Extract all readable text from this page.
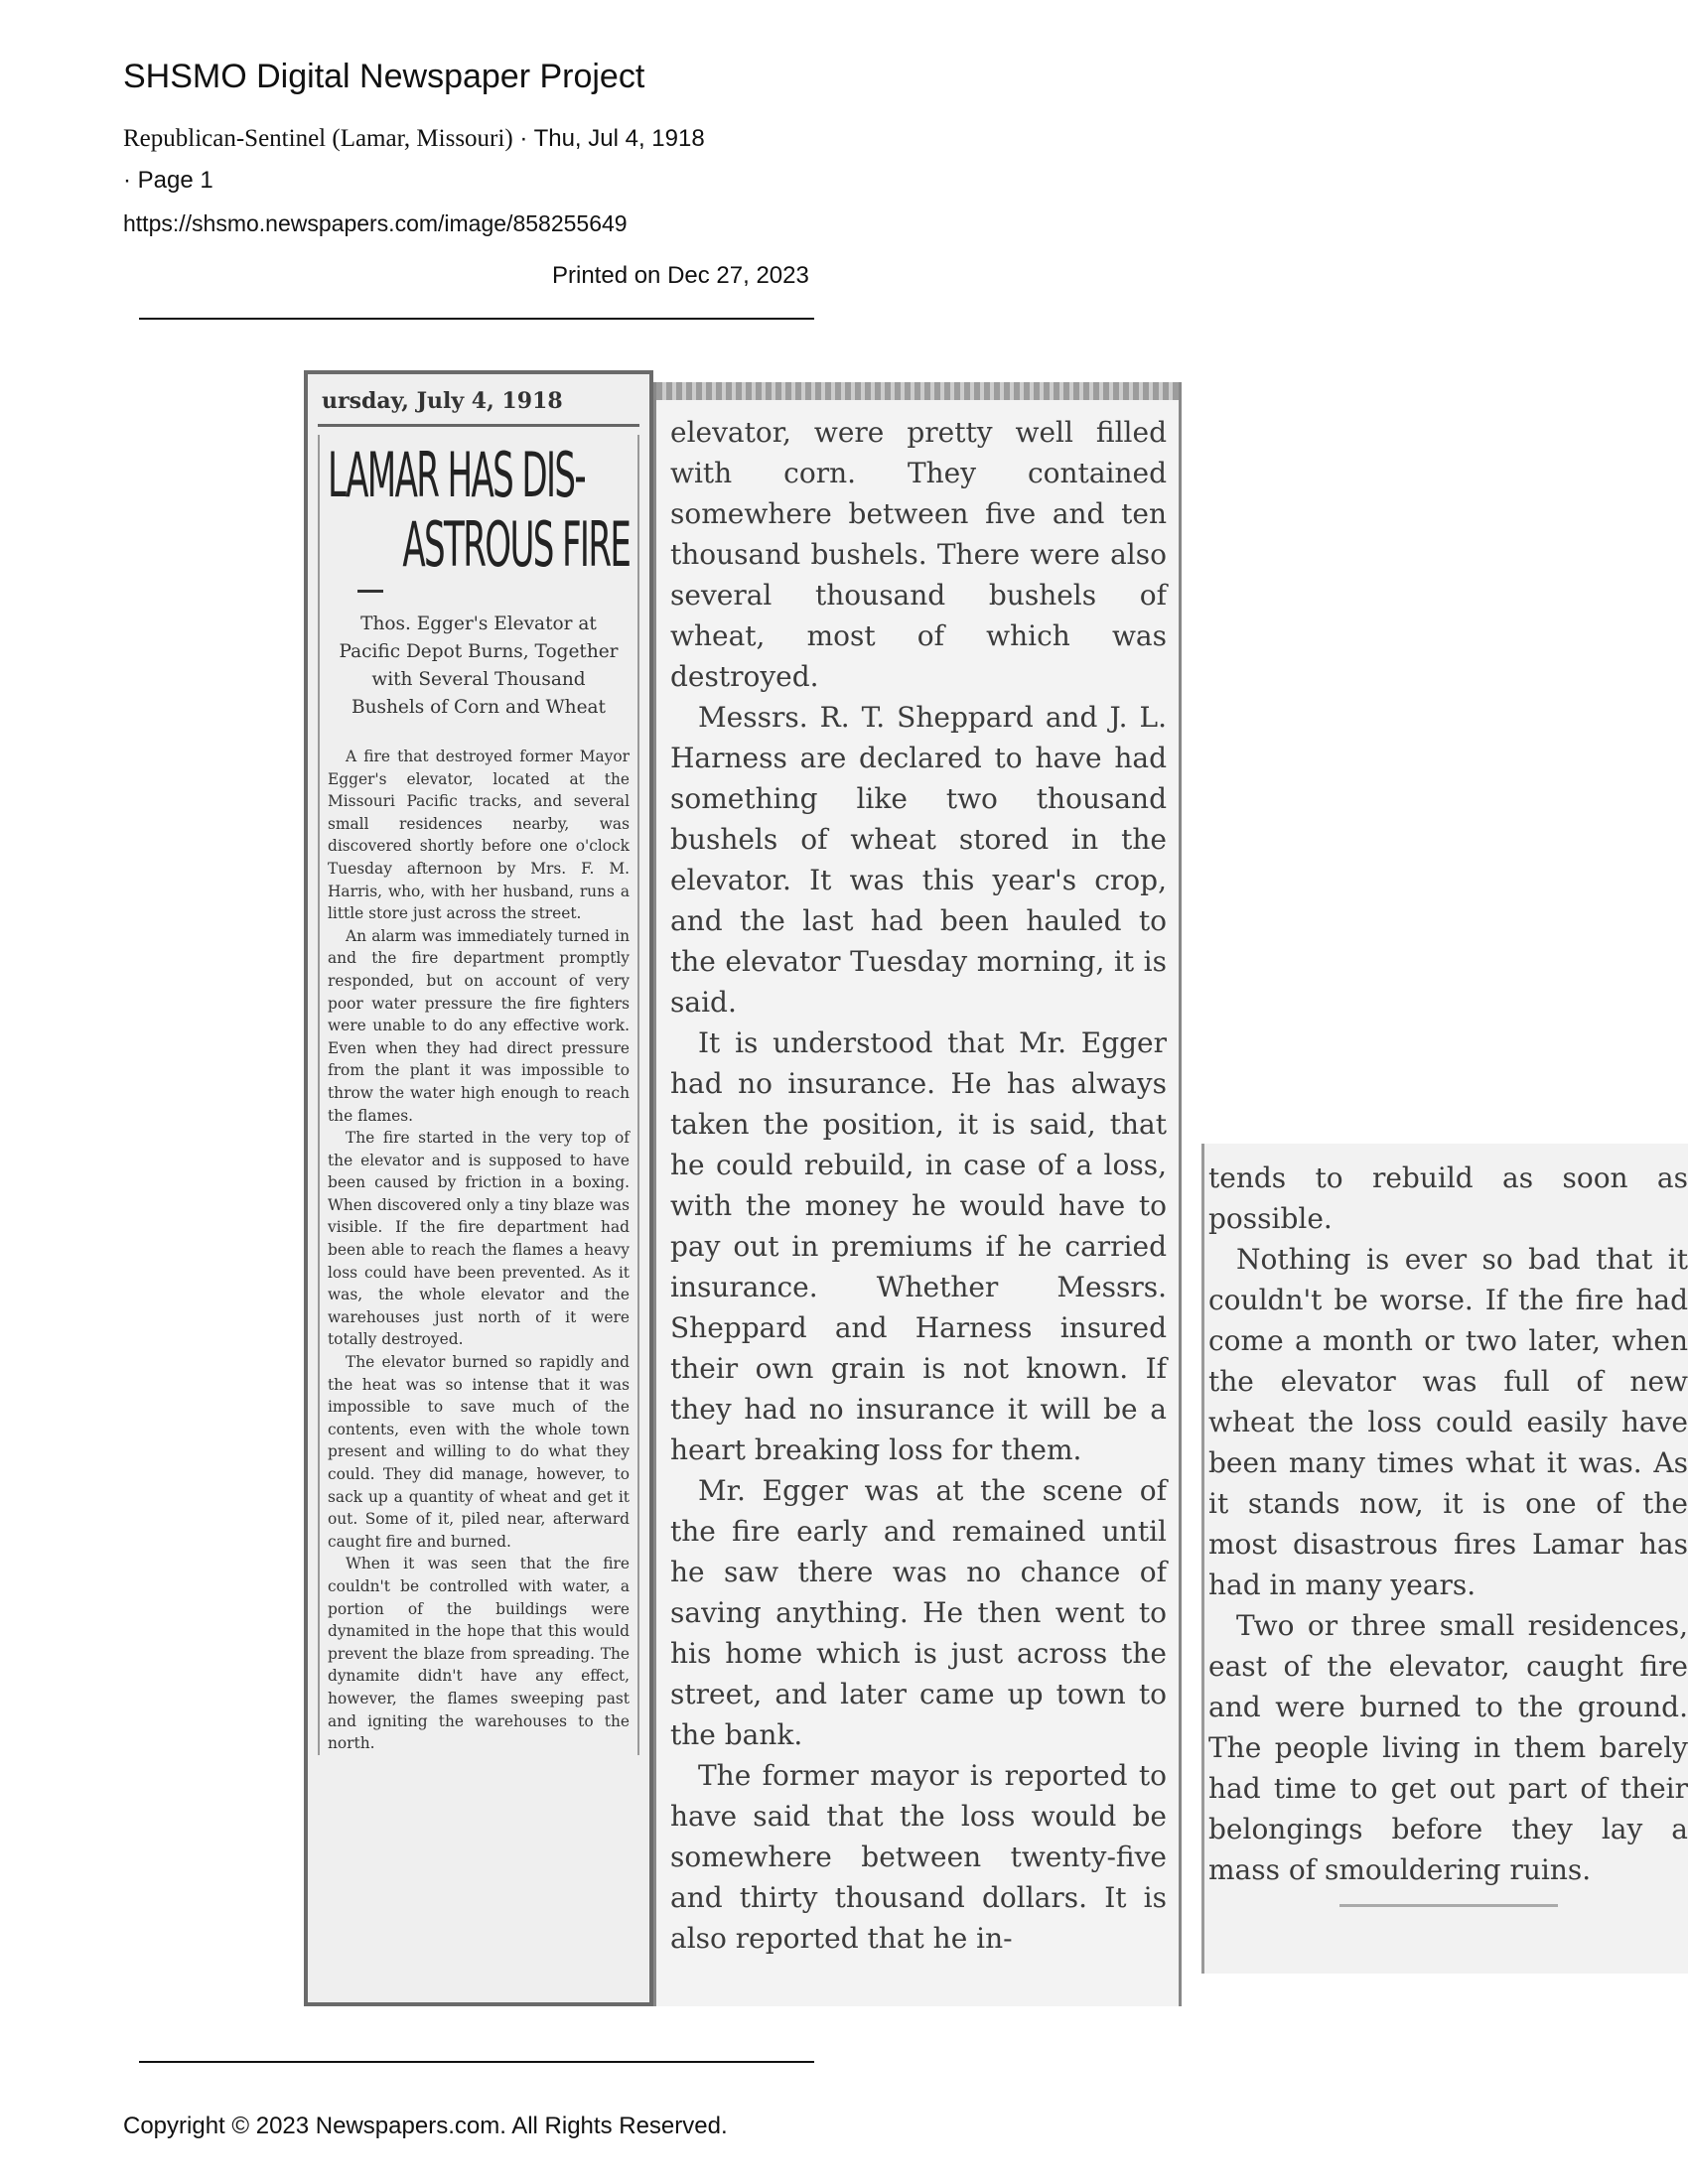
SHSMO Digital Newspaper Project
Republican-Sentinel (Lamar, Missouri) · Thu, Jul 4, 1918
· Page 1
https://shsmo.newspapers.com/image/858255649
Printed on Dec 27, 2023
ursday, July 4, 1918
LAMAR HAS DIS-
ASTROUS FIRE
Thos. Egger's Elevator at Pacific Depot Burns, Together with Several Thousand Bushels of Corn and Wheat

A fire that destroyed former Mayor Egger's elevator, located at the Missouri Pacific tracks, and several small residences nearby, was discovered shortly before one o'clock Tuesday afternoon by Mrs. F. M. Harris, who, with her husband, runs a little store just across the street.

An alarm was immediately turned in and the fire department promptly responded, but on account of very poor water pressure the fire fighters were unable to do any effective work. Even when they had direct pressure from the plant it was impossible to throw the water high enough to reach the flames.

The fire started in the very top of the elevator and is supposed to have been caused by friction in a boxing. When discovered only a tiny blaze was visible. If the fire department had been able to reach the flames a heavy loss could have been prevented. As it was, the whole elevator and the warehouses just north of it were totally destroyed.

The elevator burned so rapidly and the heat was so intense that it was impossible to save much of the contents, even with the whole town present and willing to do what they could. They did manage, however, to sack up a quantity of wheat and get it out. Some of it, piled near, afterward caught fire and burned.

When it was seen that the fire couldn't be controlled with water, a portion of the buildings were dynamited in the hope that this would prevent the blaze from spreading. The dynamite didn't have any effect, however, the flames sweeping past and igniting the warehouses to the north.

elevator, were pretty well filled with corn. They contained somewhere between five and ten thousand bushels. There were also several thousand bushels of wheat, most of which was destroyed.

Messrs. R. T. Sheppard and J. L. Harness are declared to have had something like two thousand bushels of wheat stored in the elevator. It was this year's crop, and the last had been hauled to the elevator Tuesday morning, it is said.

It is understood that Mr. Egger had no insurance. He has always taken the position, it is said, that he could rebuild, in case of a loss, with the money he would have to pay out in premiums if he carried insurance. Whether Messrs. Sheppard and Harness insured their own grain is not known. If they had no insurance it will be a heart breaking loss for them.

Mr. Egger was at the scene of the fire early and remained until he saw there was no chance of saving anything. He then went to his home which is just across the street, and later came up town to the bank.

The former mayor is reported to have said that the loss would be somewhere between twenty-five and thirty thousand dollars. It is also reported that he in-

tends to rebuild as soon as possible.

Nothing is ever so bad that it couldn't be worse. If the fire had come a month or two later, when the elevator was full of new wheat the loss could easily have been many times what it was. As it stands now, it is one of the most disastrous fires Lamar has had in many years.

Two or three small residences, east of the elevator, caught fire and were burned to the ground. The people living in them barely had time to get out part of their belongings before they lay a mass of smouldering ruins.

Copyright © 2023 Newspapers.com. All Rights Reserved.
